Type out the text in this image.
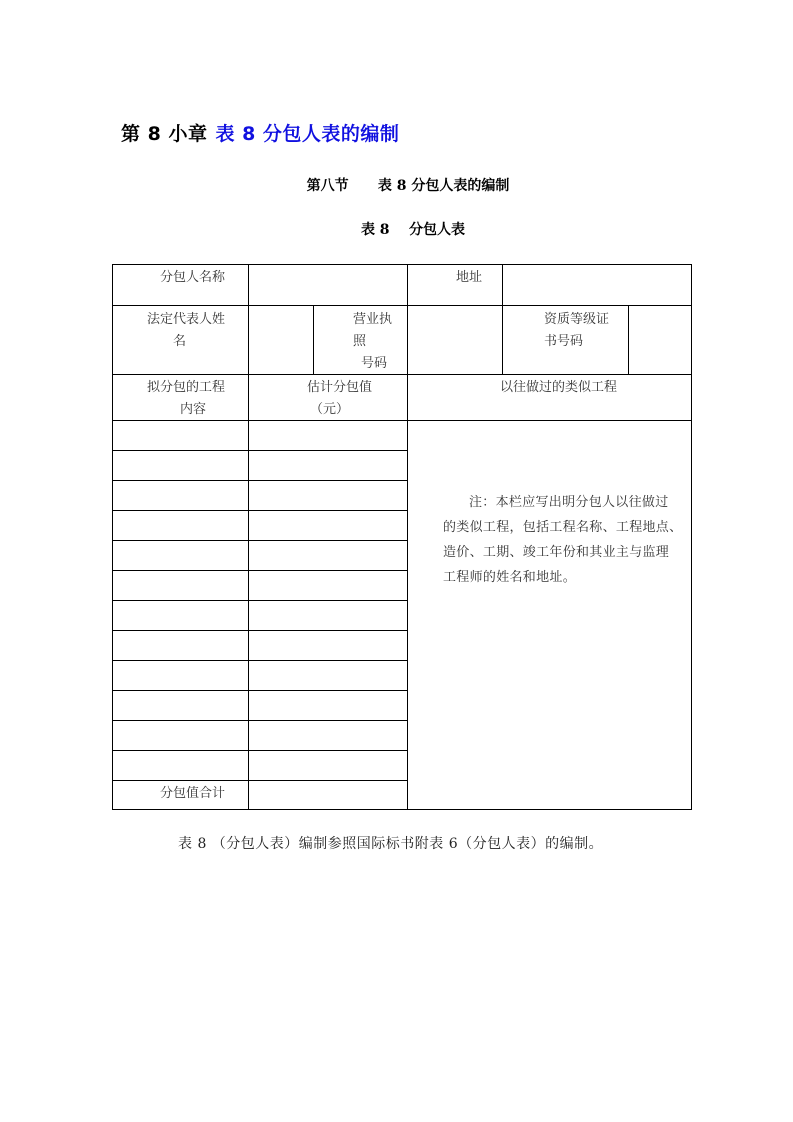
第 8 小章 表 8 分包人表的编制
第八节      表 8 分包人表的编制
表 8    分包人表
分包人名称	地址
法定代表人姓
名
营业执
照
号码
资质等级证
书号码
拟分包的工程
内容
估计分包值
（元）
以往做过的类似工程
分包值合计
注：本栏应写出明分包人以往做过
的类似工程，包括工程名称、工程地点、
造价、工期、竣工年份和其业主与监理
工程师的姓名和地址。
表 8 （分包人表）编制参照国际标书附表 6（分包人表）的编制。
